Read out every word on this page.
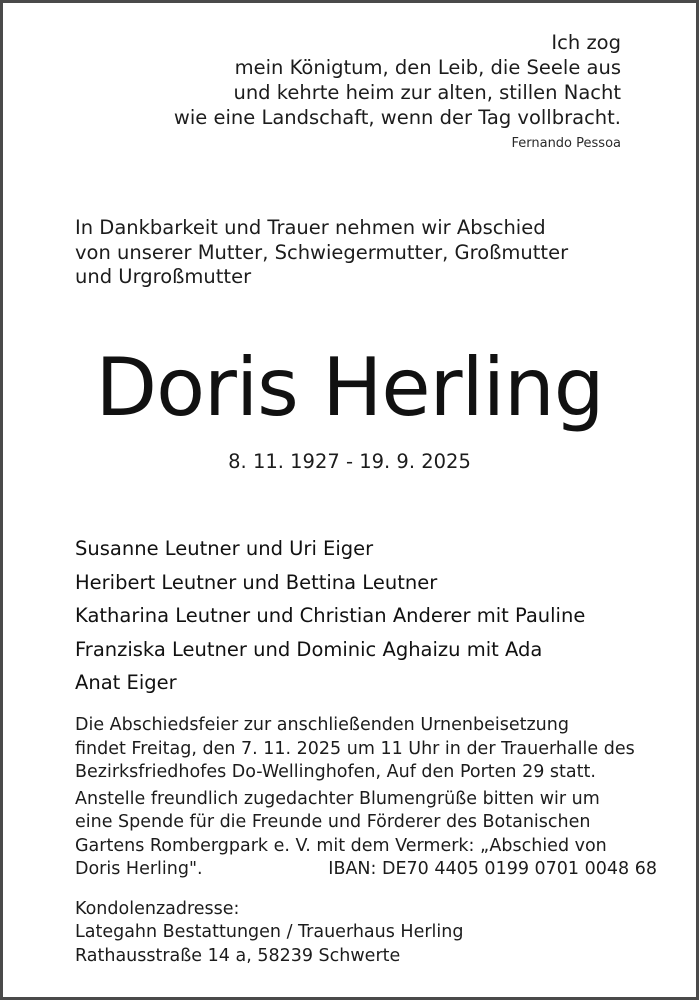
Ich zog
mein Königtum, den Leib, die Seele aus
und kehrte heim zur alten, stillen Nacht
wie eine Landschaft, wenn der Tag vollbracht.
Fernando Pessoa
In Dankbarkeit und Trauer nehmen wir Abschied
von unserer Mutter, Schwiegermutter, Großmutter
und Urgroßmutter
Doris Herling
8. 11. 1927 - 19. 9. 2025
Susanne Leutner und Uri Eiger
Heribert Leutner und Bettina Leutner
Katharina Leutner und Christian Anderer mit Pauline
Franziska Leutner und Dominic Aghaizu mit Ada
Anat Eiger
Die Abschiedsfeier zur anschließenden Urnenbeisetzung
findet Freitag, den 7. 11. 2025 um 11 Uhr in der Trauerhalle des
Bezirksfriedhofes Do-Wellinghofen, Auf den Porten 29 statt.
Anstelle freundlich zugedachter Blumengrüße bitten wir um
eine Spende für die Freunde und Förderer des Botanischen
Gartens Rombergpark e. V. mit dem Vermerk: „Abschied von
Doris Herling".	IBAN: DE70 4405 0199 0701 0048 68
Kondolenzadresse:
Lategahn Bestattungen / Trauerhaus Herling
Rathausstraße 14 a, 58239 Schwerte
